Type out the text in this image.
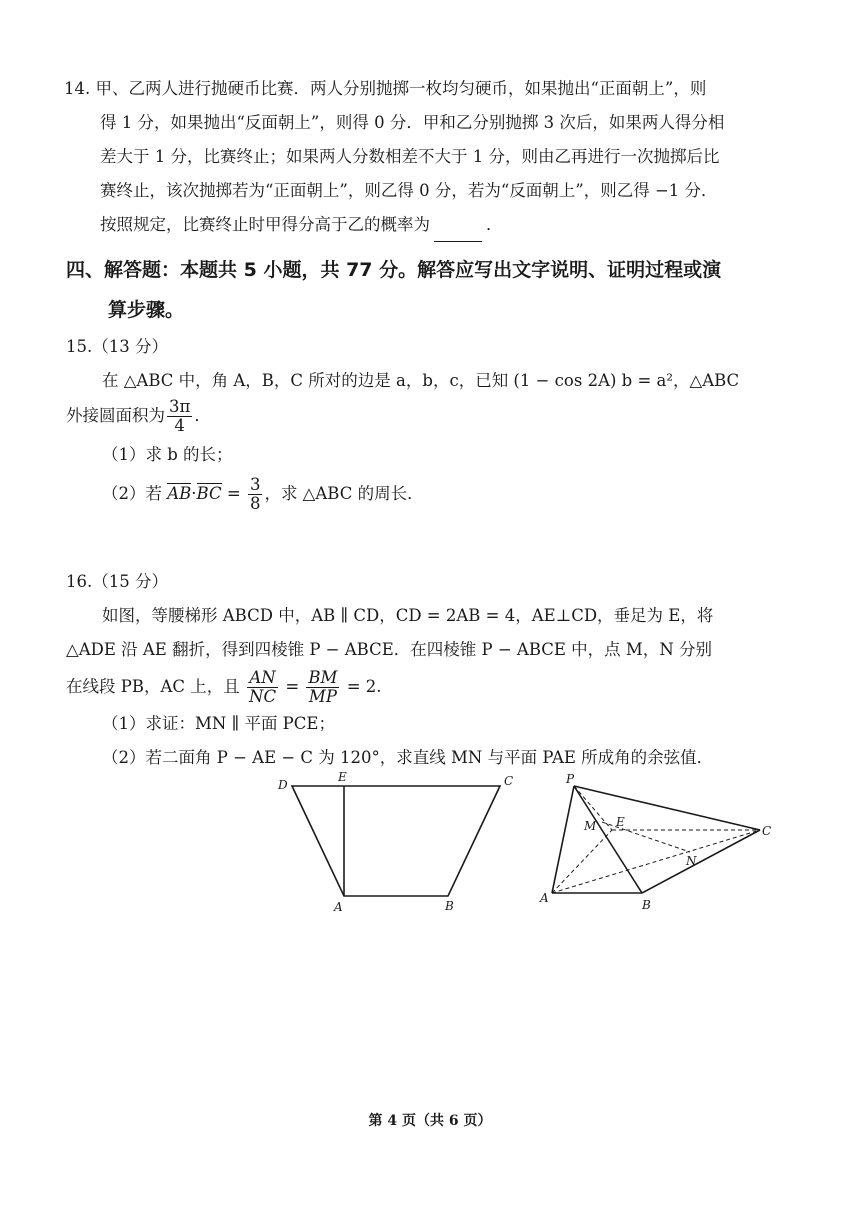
14. 甲、乙两人进行抛硬币比赛．两人分别抛掷一枚均匀硬币，如果抛出“正面朝上”，则
得 1 分，如果抛出“反面朝上”，则得 0 分．甲和乙分别抛掷 3 次后，如果两人得分相
差大于 1 分，比赛终止；如果两人分数相差不大于 1 分，则由乙再进行一次抛掷后比
赛终止，该次抛掷若为“正面朝上”，则乙得 0 分，若为“反面朝上”，则乙得 −1 分．
按照规定，比赛终止时甲得分高于乙的概率为	．
四、解答题：本题共 5 小题，共 77 分。解答应写出文字说明、证明过程或演
算步骤。
15.（13 分）
在 △ABC 中，角 A，B，C 所对的边是 a，b，c，已知 (1 − cos 2A) b = a²，△ABC
外接圆面积为 $\frac{3\pi}{4}$ ．
（1）求 b 的长；
（2）若 $AB\cdot BC = \frac{3}{8}$ ，求 △ABC 的周长．
16.（15 分）
如图，等腰梯形 ABCD 中，AB ∥ CD，CD = 2AB = 4，AE⊥CD，垂足为 E，将
△ADE 沿 AE 翻折，得到四棱锥 P − ABCE．在四棱锥 P − ABCE 中，点 M，N 分别
在线段 PB，AC 上，且 $\frac{AN}{NC} = \frac{BM}{MP} = 2$.
（1）求证：MN ∥ 平面 PCE；
（2）若二面角 P − AE − C 为 120°，求直线 MN 与平面 PAE 所成角的余弦值．
D
E	C
A	B
P
M E
C
N
A	B
第 4 页（共 6 页）
